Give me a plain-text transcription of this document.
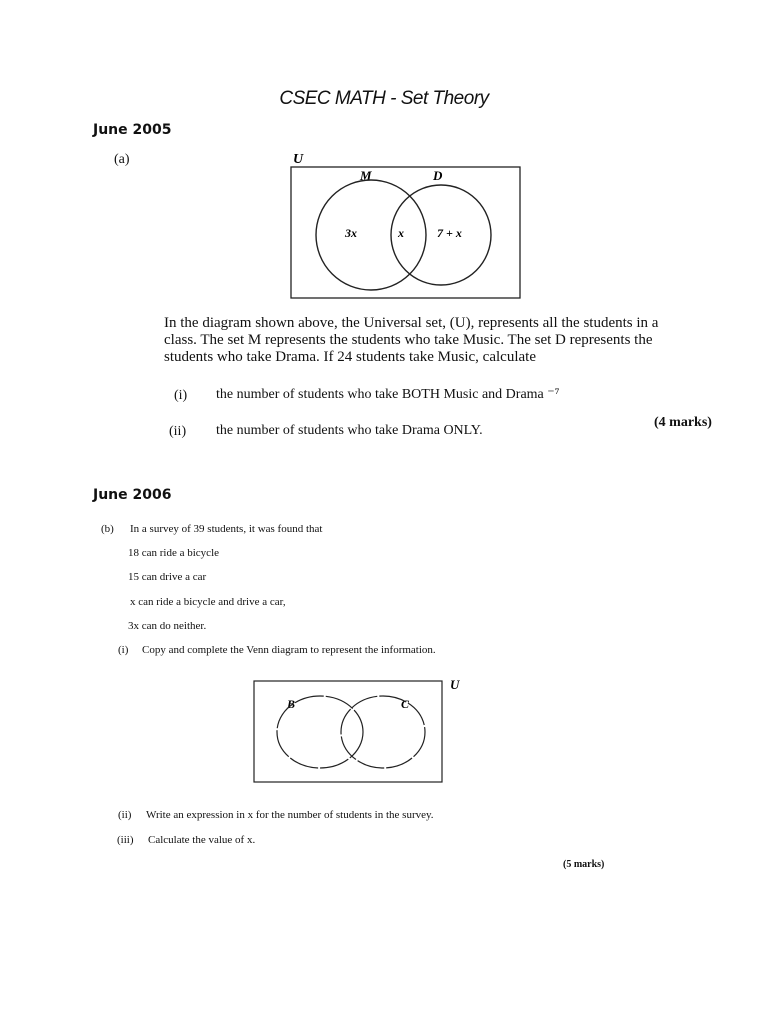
CSEC MATH - Set Theory
June 2005
(a)	U
M	D
3x	x	7 + x
In the diagram shown above, the Universal set, (U), represents all the students in a
class. The set M represents the students who take Music. The set D represents the
students who take Drama. If 24 students take Music, calculate
(i) the number of students who take BOTH Music and Drama ⁻⁷
(ii) the number of students who take Drama ONLY.
(4 marks)
June 2006
(b) In a survey of 39 students, it was found that
18 can ride a bicycle
15 can drive a car
x can ride a bicycle and drive a car,
3x can do neither.
(i) Copy and complete the Venn diagram to represent the information.
U
B	C
(ii) Write an expression in x for the number of students in the survey.
(iii) Calculate the value of x.
(5 marks)
